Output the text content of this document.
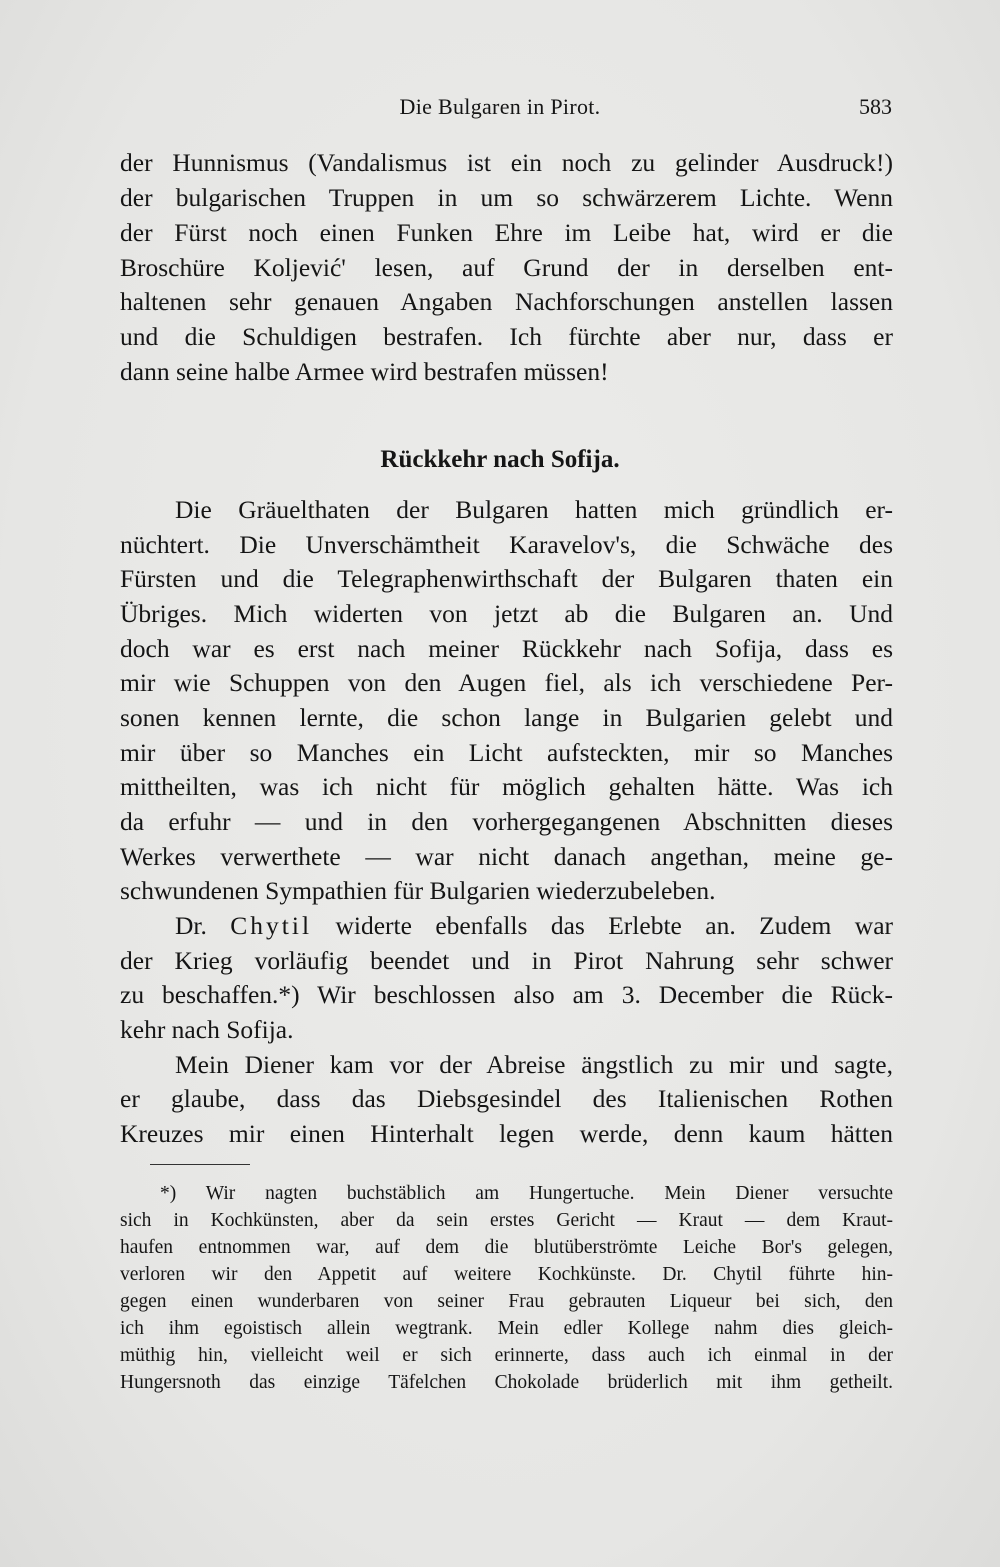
Die Bulgaren in Pirot.	583
der Hunnismus (Vandalismus ist ein noch zu gelinder Ausdruck!)
der bulgarischen Truppen in um so schwärzerem Lichte. Wenn
der Fürst noch einen Funken Ehre im Leibe hat, wird er die
Broschüre Koljević' lesen, auf Grund der in derselben ent-
haltenen sehr genauen Angaben Nachforschungen anstellen lassen
und die Schuldigen bestrafen. Ich fürchte aber nur, dass er
dann seine halbe Armee wird bestrafen müssen!
Rückkehr nach Sofija.
Die Gräuelthaten der Bulgaren hatten mich gründlich er-
nüchtert. Die Unverschämtheit Karavelov's, die Schwäche des
Fürsten und die Telegraphenwirthschaft der Bulgaren thaten ein
Übriges. Mich widerten von jetzt ab die Bulgaren an. Und
doch war es erst nach meiner Rückkehr nach Sofija, dass es
mir wie Schuppen von den Augen fiel, als ich verschiedene Per-
sonen kennen lernte, die schon lange in Bulgarien gelebt und
mir über so Manches ein Licht aufsteckten, mir so Manches
mittheilten, was ich nicht für möglich gehalten hätte. Was ich
da erfuhr — und in den vorhergegangenen Abschnitten dieses
Werkes verwerthete — war nicht danach angethan, meine ge-
schwundenen Sympathien für Bulgarien wiederzubeleben.
Dr. Chytil widerte ebenfalls das Erlebte an. Zudem war
der Krieg vorläufig beendet und in Pirot Nahrung sehr schwer
zu beschaffen.*) Wir beschlossen also am 3. December die Rück-
kehr nach Sofija.
Mein Diener kam vor der Abreise ängstlich zu mir und sagte,
er glaube, dass das Diebsgesindel des Italienischen Rothen
Kreuzes mir einen Hinterhalt legen werde, denn kaum hätten
*) Wir nagten buchstäblich am Hungertuche. Mein Diener versuchte
sich in Kochkünsten, aber da sein erstes Gericht — Kraut — dem Kraut-
haufen entnommen war, auf dem die blutüberströmte Leiche Bor's gelegen,
verloren wir den Appetit auf weitere Kochkünste. Dr. Chytil führte hin-
gegen einen wunderbaren von seiner Frau gebrauten Liqueur bei sich, den
ich ihm egoistisch allein wegtrank. Mein edler Kollege nahm dies gleich-
müthig hin, vielleicht weil er sich erinnerte, dass auch ich einmal in der
Hungersnoth das einzige Täfelchen Chokolade brüderlich mit ihm getheilt.
